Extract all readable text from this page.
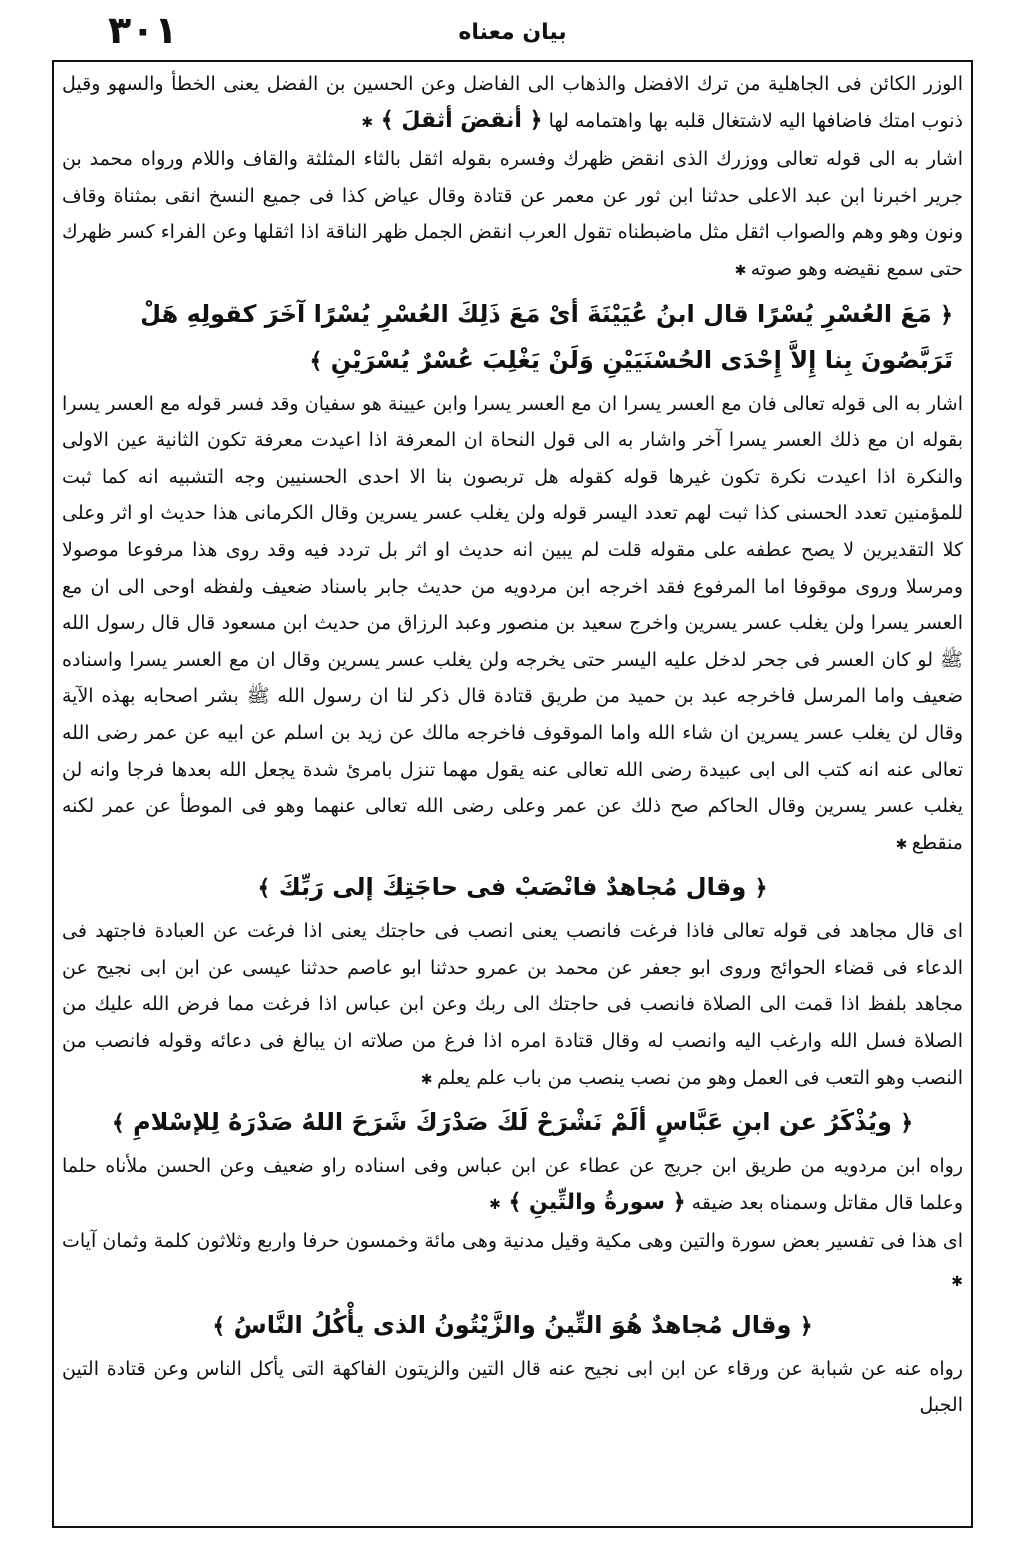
بيان معناه
٣٠١

الوزر الكائن فى الجاهلية من ترك الافضل والذهاب الى الفاضل وعن الحسين بن الفضل يعنى الخطأ والسهو وقيل ذنوب امتك فاضافها اليه لاشتغال قلبه بها واهتمامه لها ﴿ أنقضَ أثقلَ ﴾ ✱

اشار به الى قوله تعالى ووزرك الذى انقض ظهرك وفسره بقوله اثقل بالثاء المثلثة والقاف واللام ورواه محمد بن جرير اخبرنا ابن عبد الاعلى حدثنا ابن ثور عن معمر عن قتادة وقال عياض كذا فى جميع النسخ انقى بمثناة وقاف ونون وهو وهم والصواب اثقل مثل ماضبطناه تقول العرب انقض الجمل ظهر الناقة اذا اثقلها وعن الفراء كسر ظهرك حتى سمع نقيضه وهو صوته ✱

﴿ مَعَ العُسْرِ يُسْرًا قال ابنُ عُيَيْنَةَ أىْ مَعَ ذَلِكَ العُسْرِ يُسْرًا آخَرَ كقولِهِ هَلْ تَرَبَّصُونَ بِنا إِلاَّ إِحْدَى الحُسْنَيَيْنِ وَلَنْ يَغْلِبَ عُسْرٌ يُسْرَيْنِ ﴾

اشار به الى قوله تعالى فان مع العسر يسرا ان مع العسر يسرا وابن عيينة هو سفيان وقد فسر قوله مع العسر يسرا بقوله ان مع ذلك العسر يسرا آخر واشار به الى قول النحاة ان المعرفة اذا اعيدت معرفة تكون الثانية عين الاولى والنكرة اذا اعيدت نكرة تكون غيرها قوله كقوله هل تربصون بنا الا احدى الحسنيين وجه التشبيه انه كما ثبت للمؤمنين تعدد الحسنى كذا ثبت لهم تعدد اليسر قوله ولن يغلب عسر يسرين وقال الكرمانى هذا حديث او اثر وعلى كلا التقديرين لا يصح عطفه على مقوله قلت لم يبين انه حديث او اثر بل تردد فيه وقد روى هذا مرفوعا موصولا ومرسلا وروى موقوفا اما المرفوع فقد اخرجه ابن مردويه من حديث جابر باسناد ضعيف ولفظه اوحى الى ان مع العسر يسرا ولن يغلب عسر يسرين واخرج سعيد بن منصور وعبد الرزاق من حديث ابن مسعود قال قال رسول الله ﷺ لو كان العسر فى جحر لدخل عليه اليسر حتى يخرجه ولن يغلب عسر يسرين وقال ان مع العسر يسرا واسناده ضعيف واما المرسل فاخرجه عبد بن حميد من طريق قتادة قال ذكر لنا ان رسول الله ﷺ بشر اصحابه بهذه الآية وقال لن يغلب عسر يسرين ان شاء الله واما الموقوف فاخرجه مالك عن زيد بن اسلم عن ابيه عن عمر رضى الله تعالى عنه انه كتب الى ابى عبيدة رضى الله تعالى عنه يقول مهما تنزل بامرئ شدة يجعل الله بعدها فرجا وانه لن يغلب عسر يسرين وقال الحاكم صح ذلك عن عمر وعلى رضى الله تعالى عنهما وهو فى الموطأ عن عمر لكنه منقطع ✱

﴿ وقال مُجاهدٌ فانْصَبْ فى حاجَتِكَ إلى رَبِّكَ ﴾

اى قال مجاهد فى قوله تعالى فاذا فرغت فانصب يعنى انصب فى حاجتك يعنى اذا فرغت عن العبادة فاجتهد فى الدعاء فى قضاء الحوائج وروى ابو جعفر عن محمد بن عمرو حدثنا ابو عاصم حدثنا عيسى عن ابن ابى نجيح عن مجاهد بلفظ اذا قمت الى الصلاة فانصب فى حاجتك الى ربك وعن ابن عباس اذا فرغت مما فرض الله عليك من الصلاة فسل الله وارغب اليه وانصب له وقال قتادة امره اذا فرغ من صلاته ان يبالغ فى دعائه وقوله فانصب من النصب وهو التعب فى العمل وهو من نصب ينصب من باب علم يعلم ✱

﴿ ويُذْكَرُ عن ابنِ عَبَّاسٍ ألَمْ نَشْرَحْ لَكَ صَدْرَكَ شَرَحَ اللهُ صَدْرَهُ لِلإسْلامِ ﴾

رواه ابن مردويه من طريق ابن جريج عن عطاء عن ابن عباس وفى اسناده راو ضعيف وعن الحسن ملأناه حلما وعلما قال مقاتل وسمناه بعد ضيقه ﴿ سورةُ والتِّينِ ﴾ ✱

اى هذا فى تفسير بعض سورة والتين وهى مكية وقيل مدنية وهى مائة وخمسون حرفا واربع وثلاثون كلمة وثمان آيات ✱

﴿ وقال مُجاهدٌ هُوَ التِّينُ والزَّيْتُونُ الذى يأْكُلُ النَّاسُ ﴾

رواه عنه عن شبابة عن ورقاء عن ابن ابى نجيح عنه قال التين والزيتون الفاكهة التى يأكل الناس وعن قتادة التين الجبل
